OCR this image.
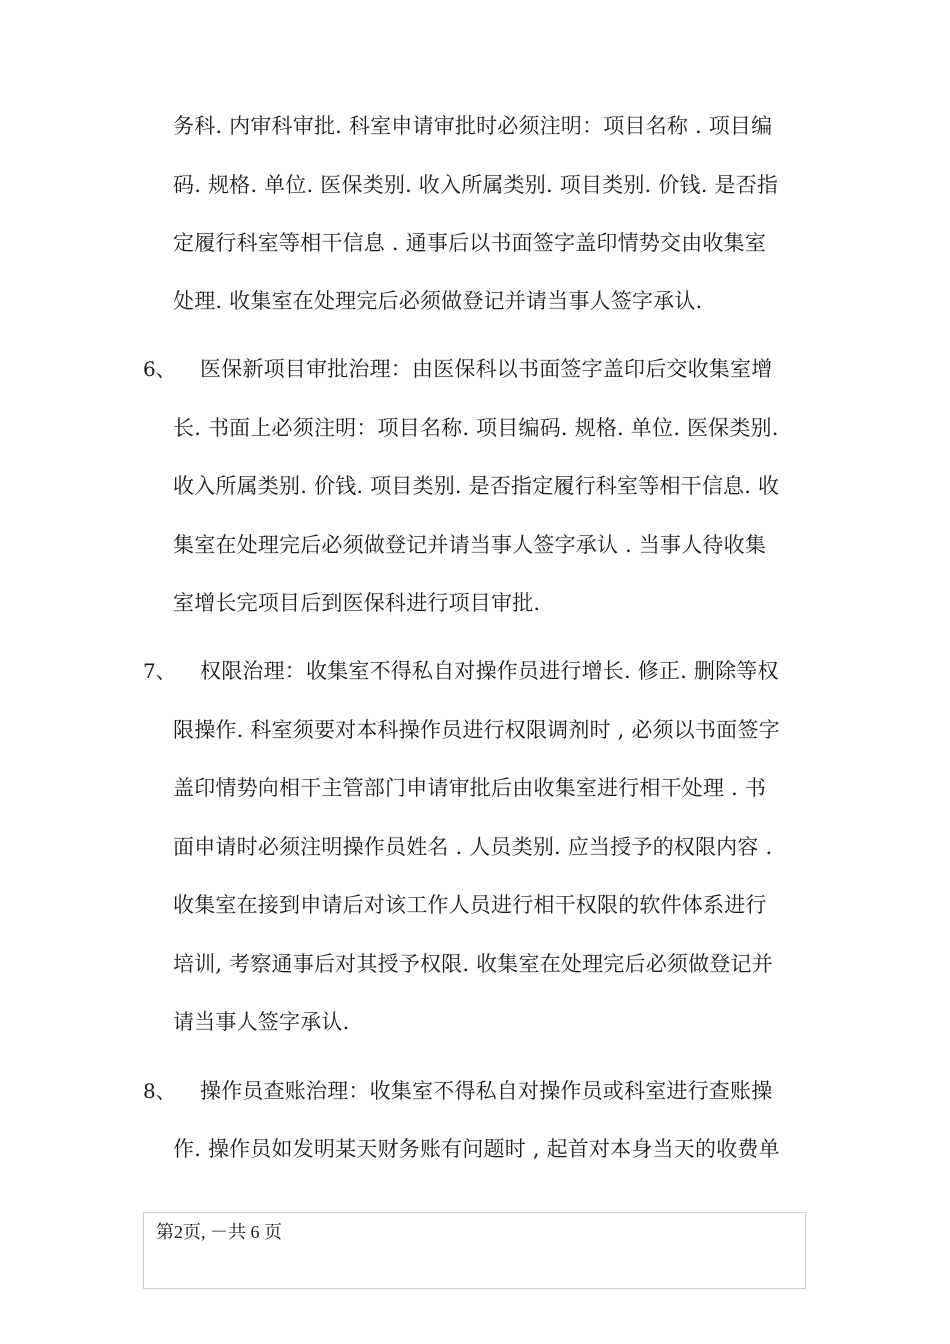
务科. 内审科审批. 科室申请审批时必须注明：项目名称 . 项目编
码. 规格. 单位. 医保类别. 收入所属类别. 项目类别. 价钱. 是否指
定履行科室等相干信息 . 通事后以书面签字盖印情势交由收集室
处理. 收集室在处理完后必须做登记并请当事人签字承认.
6、 医保新项目审批治理：由医保科以书面签字盖印后交收集室增
长. 书面上必须注明：项目名称. 项目编码. 规格. 单位. 医保类别.
收入所属类别. 价钱. 项目类别. 是否指定履行科室等相干信息. 收
集室在处理完后必须做登记并请当事人签字承认 . 当事人待收集
室增长完项目后到医保科进行项目审批.
7、 权限治理：收集室不得私自对操作员进行增长. 修正. 删除等权
限操作. 科室须要对本科操作员进行权限调剂时 , 必须以书面签字
盖印情势向相干主管部门申请审批后由收集室进行相干处理 . 书
面申请时必须注明操作员姓名 . 人员类别. 应当授予的权限内容 .
收集室在接到申请后对该工作人员进行相干权限的软件体系进行
培训, 考察通事后对其授予权限. 收集室在处理完后必须做登记并
请当事人签字承认.
8、 操作员查账治理：收集室不得私自对操作员或科室进行查账操
作. 操作员如发明某天财务账有问题时 , 起首对本身当天的收费单
第2页, －共 6 页
